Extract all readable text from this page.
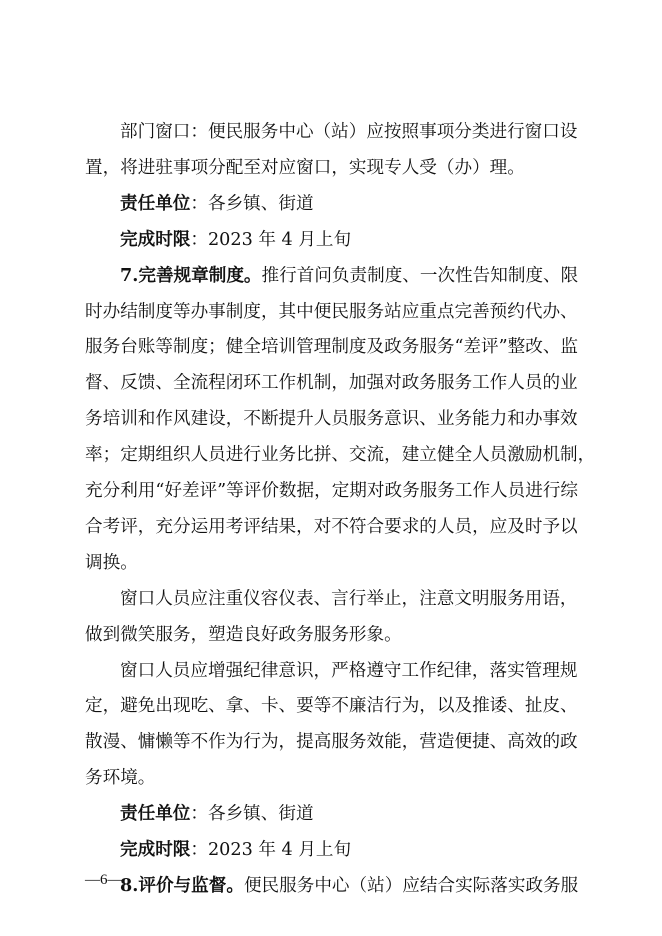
部门窗口：便民服务中心（站）应按照事项分类进行窗口设
置，将进驻事项分配至对应窗口，实现专人受（办）理。
责任单位：各乡镇、街道
完成时限：2023 年 4 月上旬
7.完善规章制度。推行首问负责制度、一次性告知制度、限
时办结制度等办事制度，其中便民服务站应重点完善预约代办、
服务台账等制度；健全培训管理制度及政务服务“差评”整改、监
督、反馈、全流程闭环工作机制，加强对政务服务工作人员的业
务培训和作风建设，不断提升人员服务意识、业务能力和办事效
率；定期组织人员进行业务比拼、交流，建立健全人员激励机制，
充分利用“好差评”等评价数据，定期对政务服务工作人员进行综
合考评，充分运用考评结果，对不符合要求的人员，应及时予以
调换。
窗口人员应注重仪容仪表、言行举止，注意文明服务用语，
做到微笑服务，塑造良好政务服务形象。
窗口人员应增强纪律意识，严格遵守工作纪律，落实管理规
定，避免出现吃、拿、卡、要等不廉洁行为，以及推诿、扯皮、
散漫、慵懒等不作为行为，提高服务效能，营造便捷、高效的政
务环境。
责任单位：各乡镇、街道
完成时限：2023 年 4 月上旬
—6—
8.评价与监督。便民服务中心（站）应结合实际落实政务服
